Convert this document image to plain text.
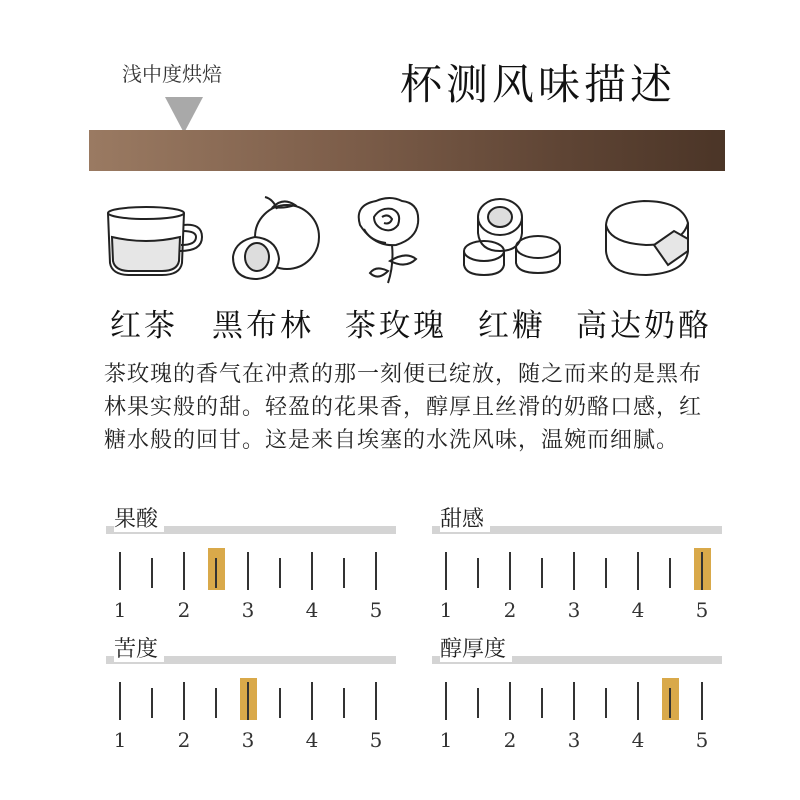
浅中度烘焙	杯测风味描述
红茶 黑布林 茶玫瑰 红糖 高达奶酪
茶玫瑰的香气在冲煮的那一刻便已绽放，随之而来的是黑布林果实般的甜。轻盈的花果香，醇厚且丝滑的奶酪口感，红糖水般的回甘。这是来自埃塞的水洗风味，温婉而细腻。
果酸
1	2	3	4	5
甜感
1	2	3	4	5
苦度
1	2	3	4	5
醇厚度
1	2	3	4	5
